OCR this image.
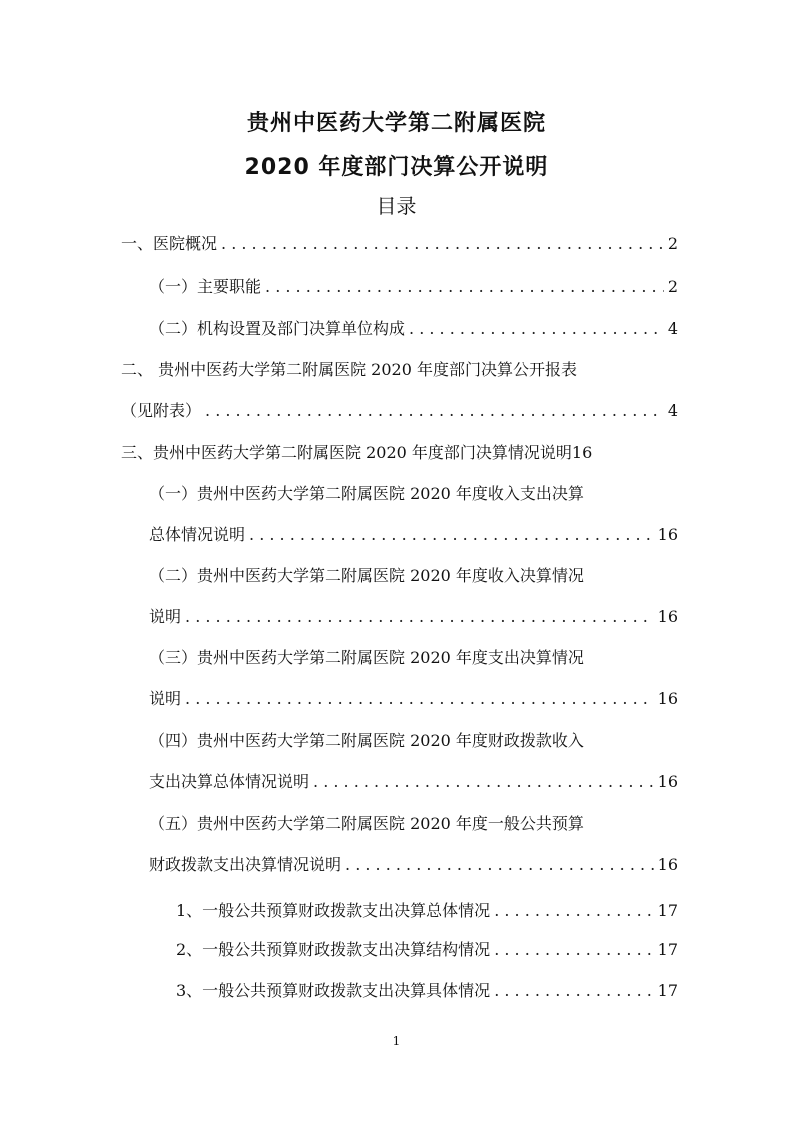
贵州中医药大学第二附属医院
2020 年度部门决算公开说明
目录
一、医院概况 . . .	2
（一）主要职能 . . .	2
（二）机构设置及部门决算单位构成 . . .	4
二、 贵州中医药大学第二附属医院 2020 年度部门决算公开报表
（见附表） . . .	4
三、贵州中医药大学第二附属医院 2020 年度部门决算情况说明16
（一）贵州中医药大学第二附属医院 2020 年度收入支出决算
总体情况说明 . . .	16
（二）贵州中医药大学第二附属医院 2020 年度收入决算情况
说明 . . .	16
（三）贵州中医药大学第二附属医院 2020 年度支出决算情况
说明 . . .	16
（四）贵州中医药大学第二附属医院 2020 年度财政拨款收入
支出决算总体情况说明 . . .	16
（五）贵州中医药大学第二附属医院 2020 年度一般公共预算
财政拨款支出决算情况说明 . . .	16
1、一般公共预算财政拨款支出决算总体情况 . . .	17
2、一般公共预算财政拨款支出决算结构情况 . . .	17
3、一般公共预算财政拨款支出决算具体情况 . . .	17
1
